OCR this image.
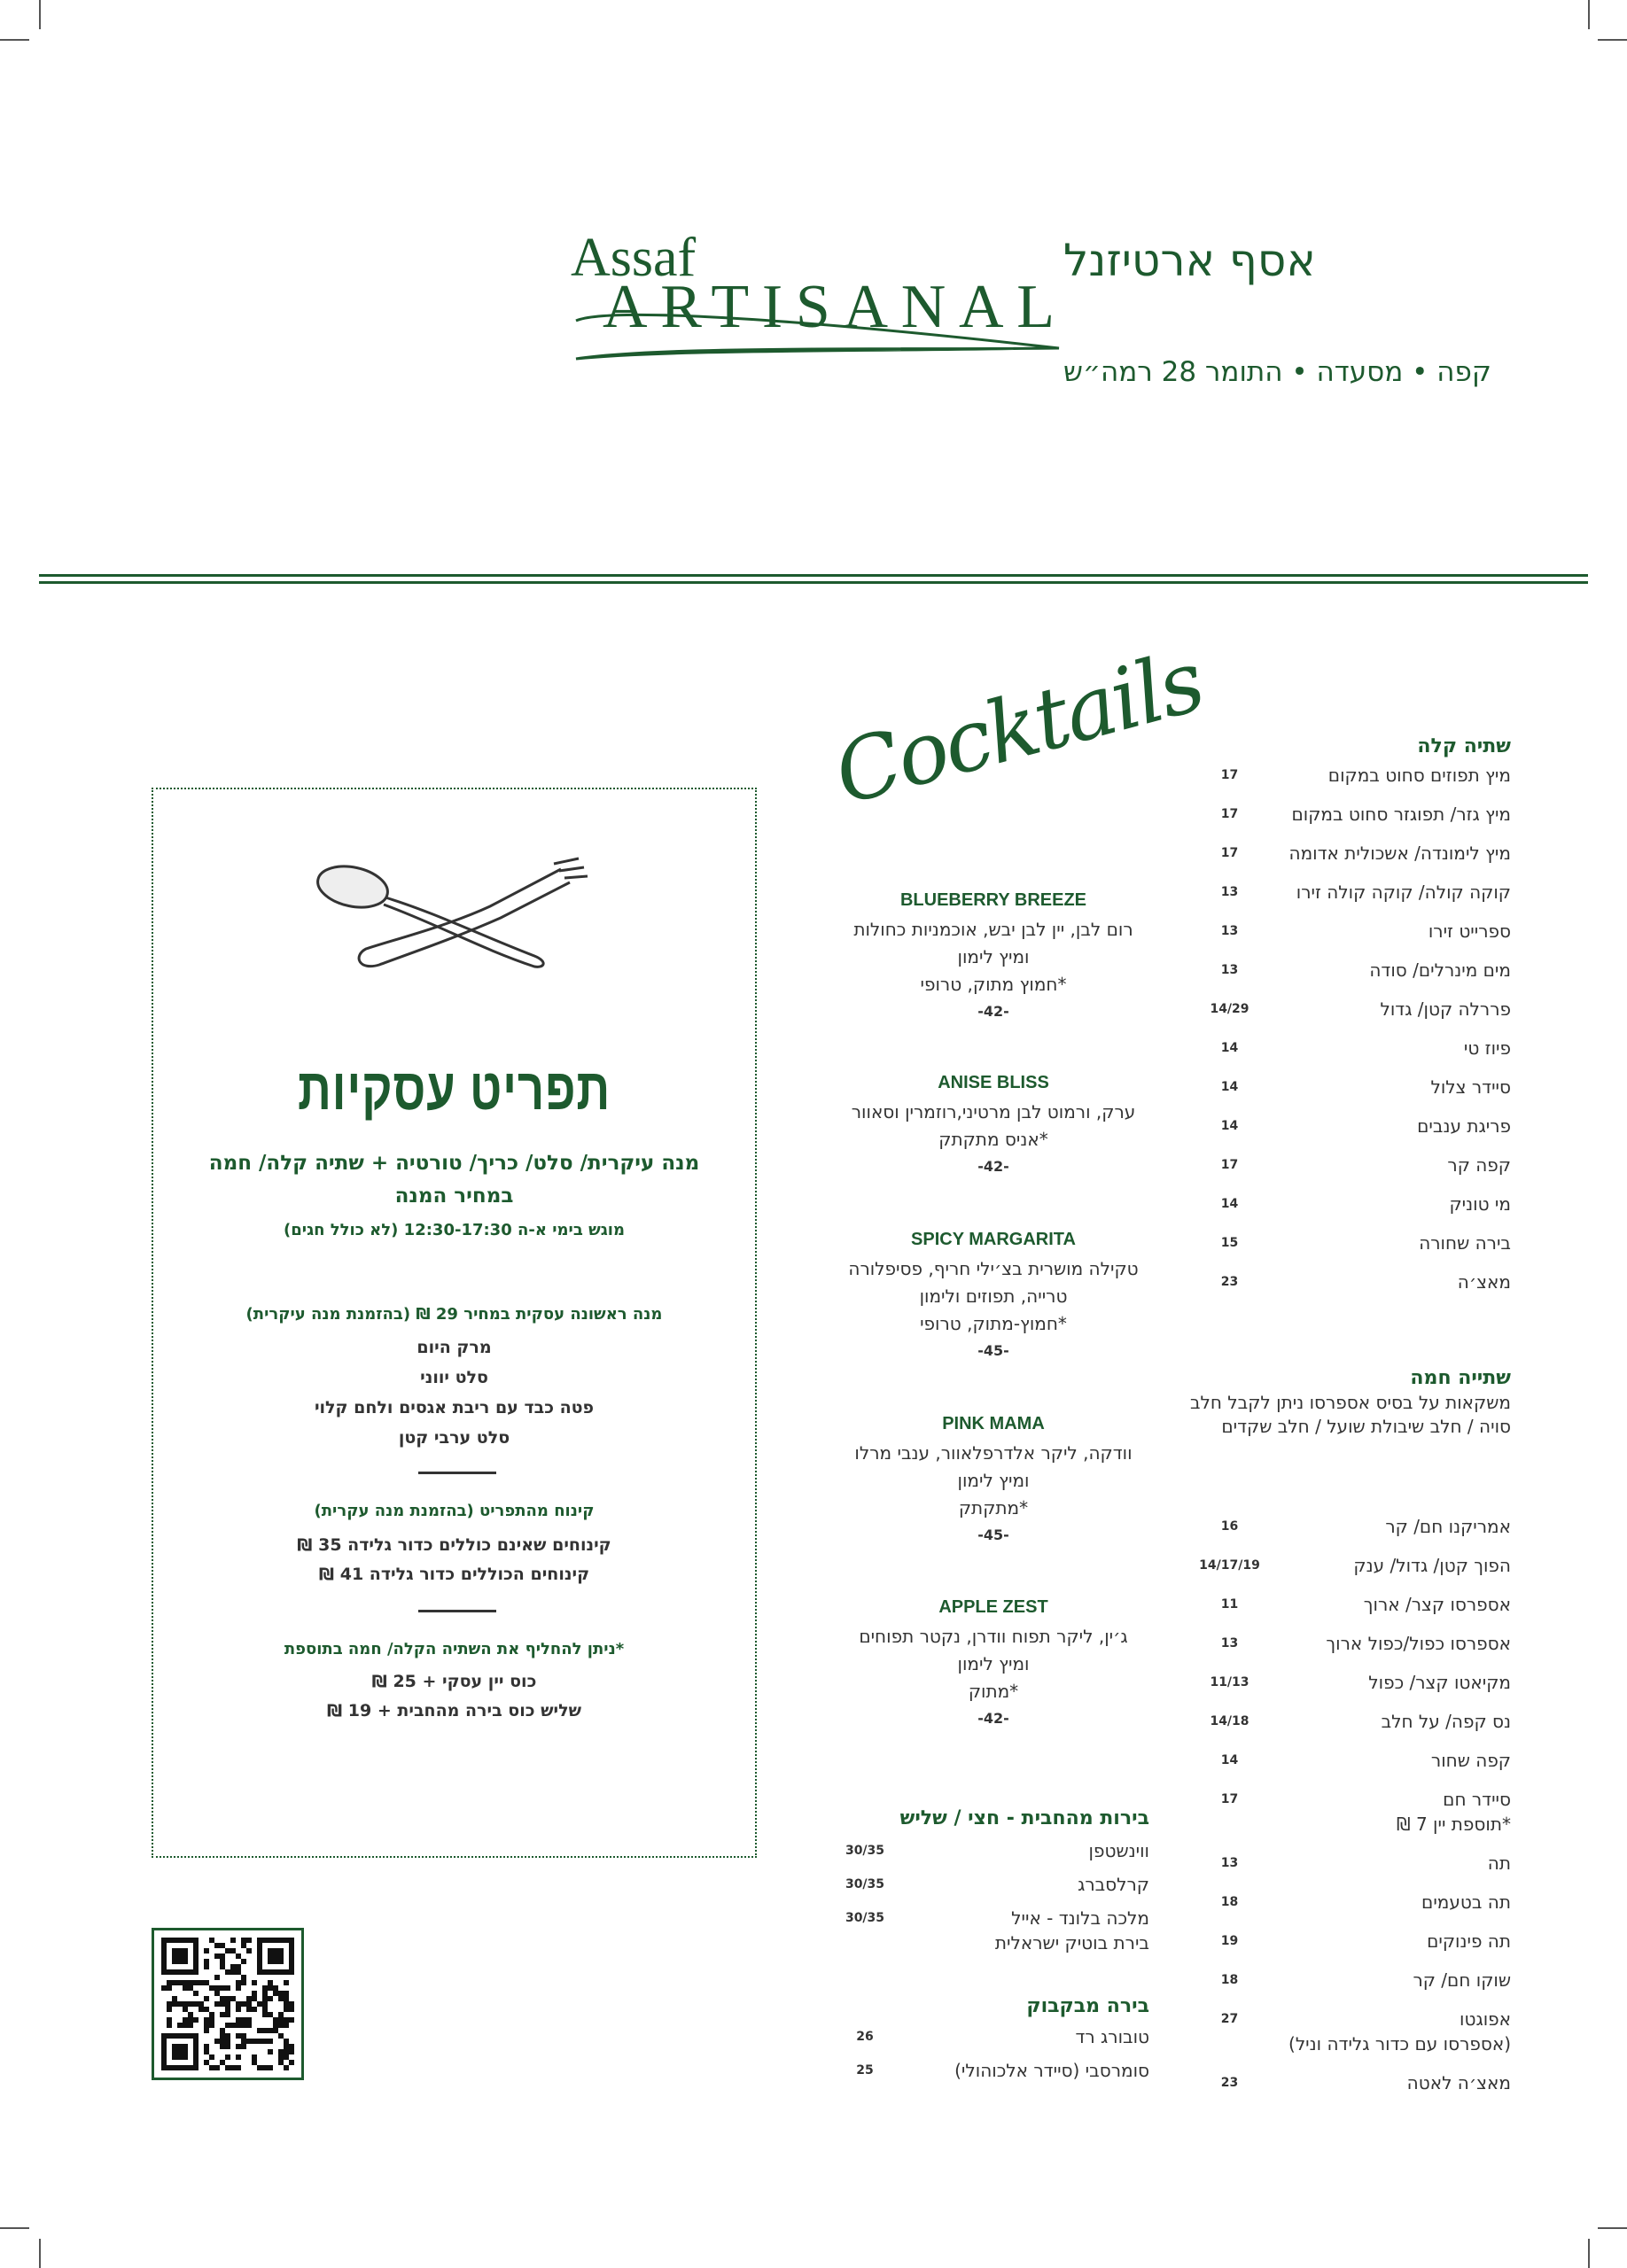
Assaf	אסף ארטיזנל
ARTISANAL
קפה • מסעדה • התומר 28 רמה״ש
תפריט עסקיות
מנה עיקרית/ סלט/ כריך/ טורטיה + שתיה קלה/ חמה
במחיר המנה
מוגש בימי א-ה 12:30-17:30 (לא כולל חגים)
מנה ראשונה עסקית במחיר 29 ₪ (בהזמנת מנה עיקרית)
מרק היום
סלט יווני
פטה כבד עם ריבת אגסים ולחם קלוי
סלט ערבי קטן
קינוח מהתפריט (בהזמנת מנה עקרית)
קינוחים שאינם כוללים כדור גלידה 35 ₪
קינוחים הכוללים כדור גלידה 41 ₪
*ניתן להחליף את השתיה הקלה/ חמה בתוספת
כוס יין עסקי + 25 ₪
שליש כוס בירה מהחבית + 19 ₪
Cocktails
BLUEBERRY BREEZE
רום לבן, יין לבן יבש, אוכמניות כחולות
ומיץ לימון
*חמוץ מתוק, טרופי
-42-
ANISE BLISS
ערק, ורמוט לבן מרטיני,רוזמרין וסאוור
*אניס מתקתק
-42-
SPICY MARGARITA
טקילה מושרית בצ׳ילי חריף, פסיפלורה
טרייה, תפוזים ולימון
*חמוץ-מתוק, טרופי
-45-
PINK MAMA
וודקה, ליקר אלדרפלאוור, ענבי מרלו
ומיץ לימון
*מתקתק
-45-
APPLE ZEST
ג׳ין, ליקר תפוח וודרן, נקטר תפוחים
ומיץ לימון
*מתוק
-42-
בירות מהחבית - חצי / שליש
ווינשטפן
30/35
קרלסברג
30/35
מלכה בלונד - אייל
בירת בוטיק ישראלית
30/35
בירה מבקבוק
טובורג רד
26
סומרסבי (סיידר אלכוהולי)
25
שתיה קלה
מיץ תפוזים סחוט במקום
17
מיץ גזר/ תפוגזר סחוט במקום
17
מיץ לימונדה/ אשכולית אדומה
17
קוקה קולה/ קוקה קולה זירו
13
ספרייט זירו
13
מים מינרלים/ סודה
13
פררלה קטן/ גדול
14/29
פיוז טי
14
סיידר צלול
14
פריגת ענבים
14
קפה קר
17
מי טוניק
14
בירה שחורה
15
מאצ׳ה
23
שתייה חמה
משקאות על בסיס אספרסו ניתן לקבל חלב
סויה / חלב שיבולת שועל / חלב שקדים
אמריקנו חם/ קר
16
הפוך קטן/ גדול/ ענק
14/17/19
אספרסו קצר/ ארוך
11
אספרסו כפול/כפול ארוך
13
מקיאטו קצר/ כפול
11/13
נס קפה/ על חלב
14/18
קפה שחור
14
סיידר חם
*תוספת יין 7 ₪
17
תה
13
תה בטעמים
18
תה פינוקים
19
שוקו חם/ קר
18
אפוגטו
(אספרסו עם כדור גלידה וניל)
27
מאצ׳ה לאטה
23
